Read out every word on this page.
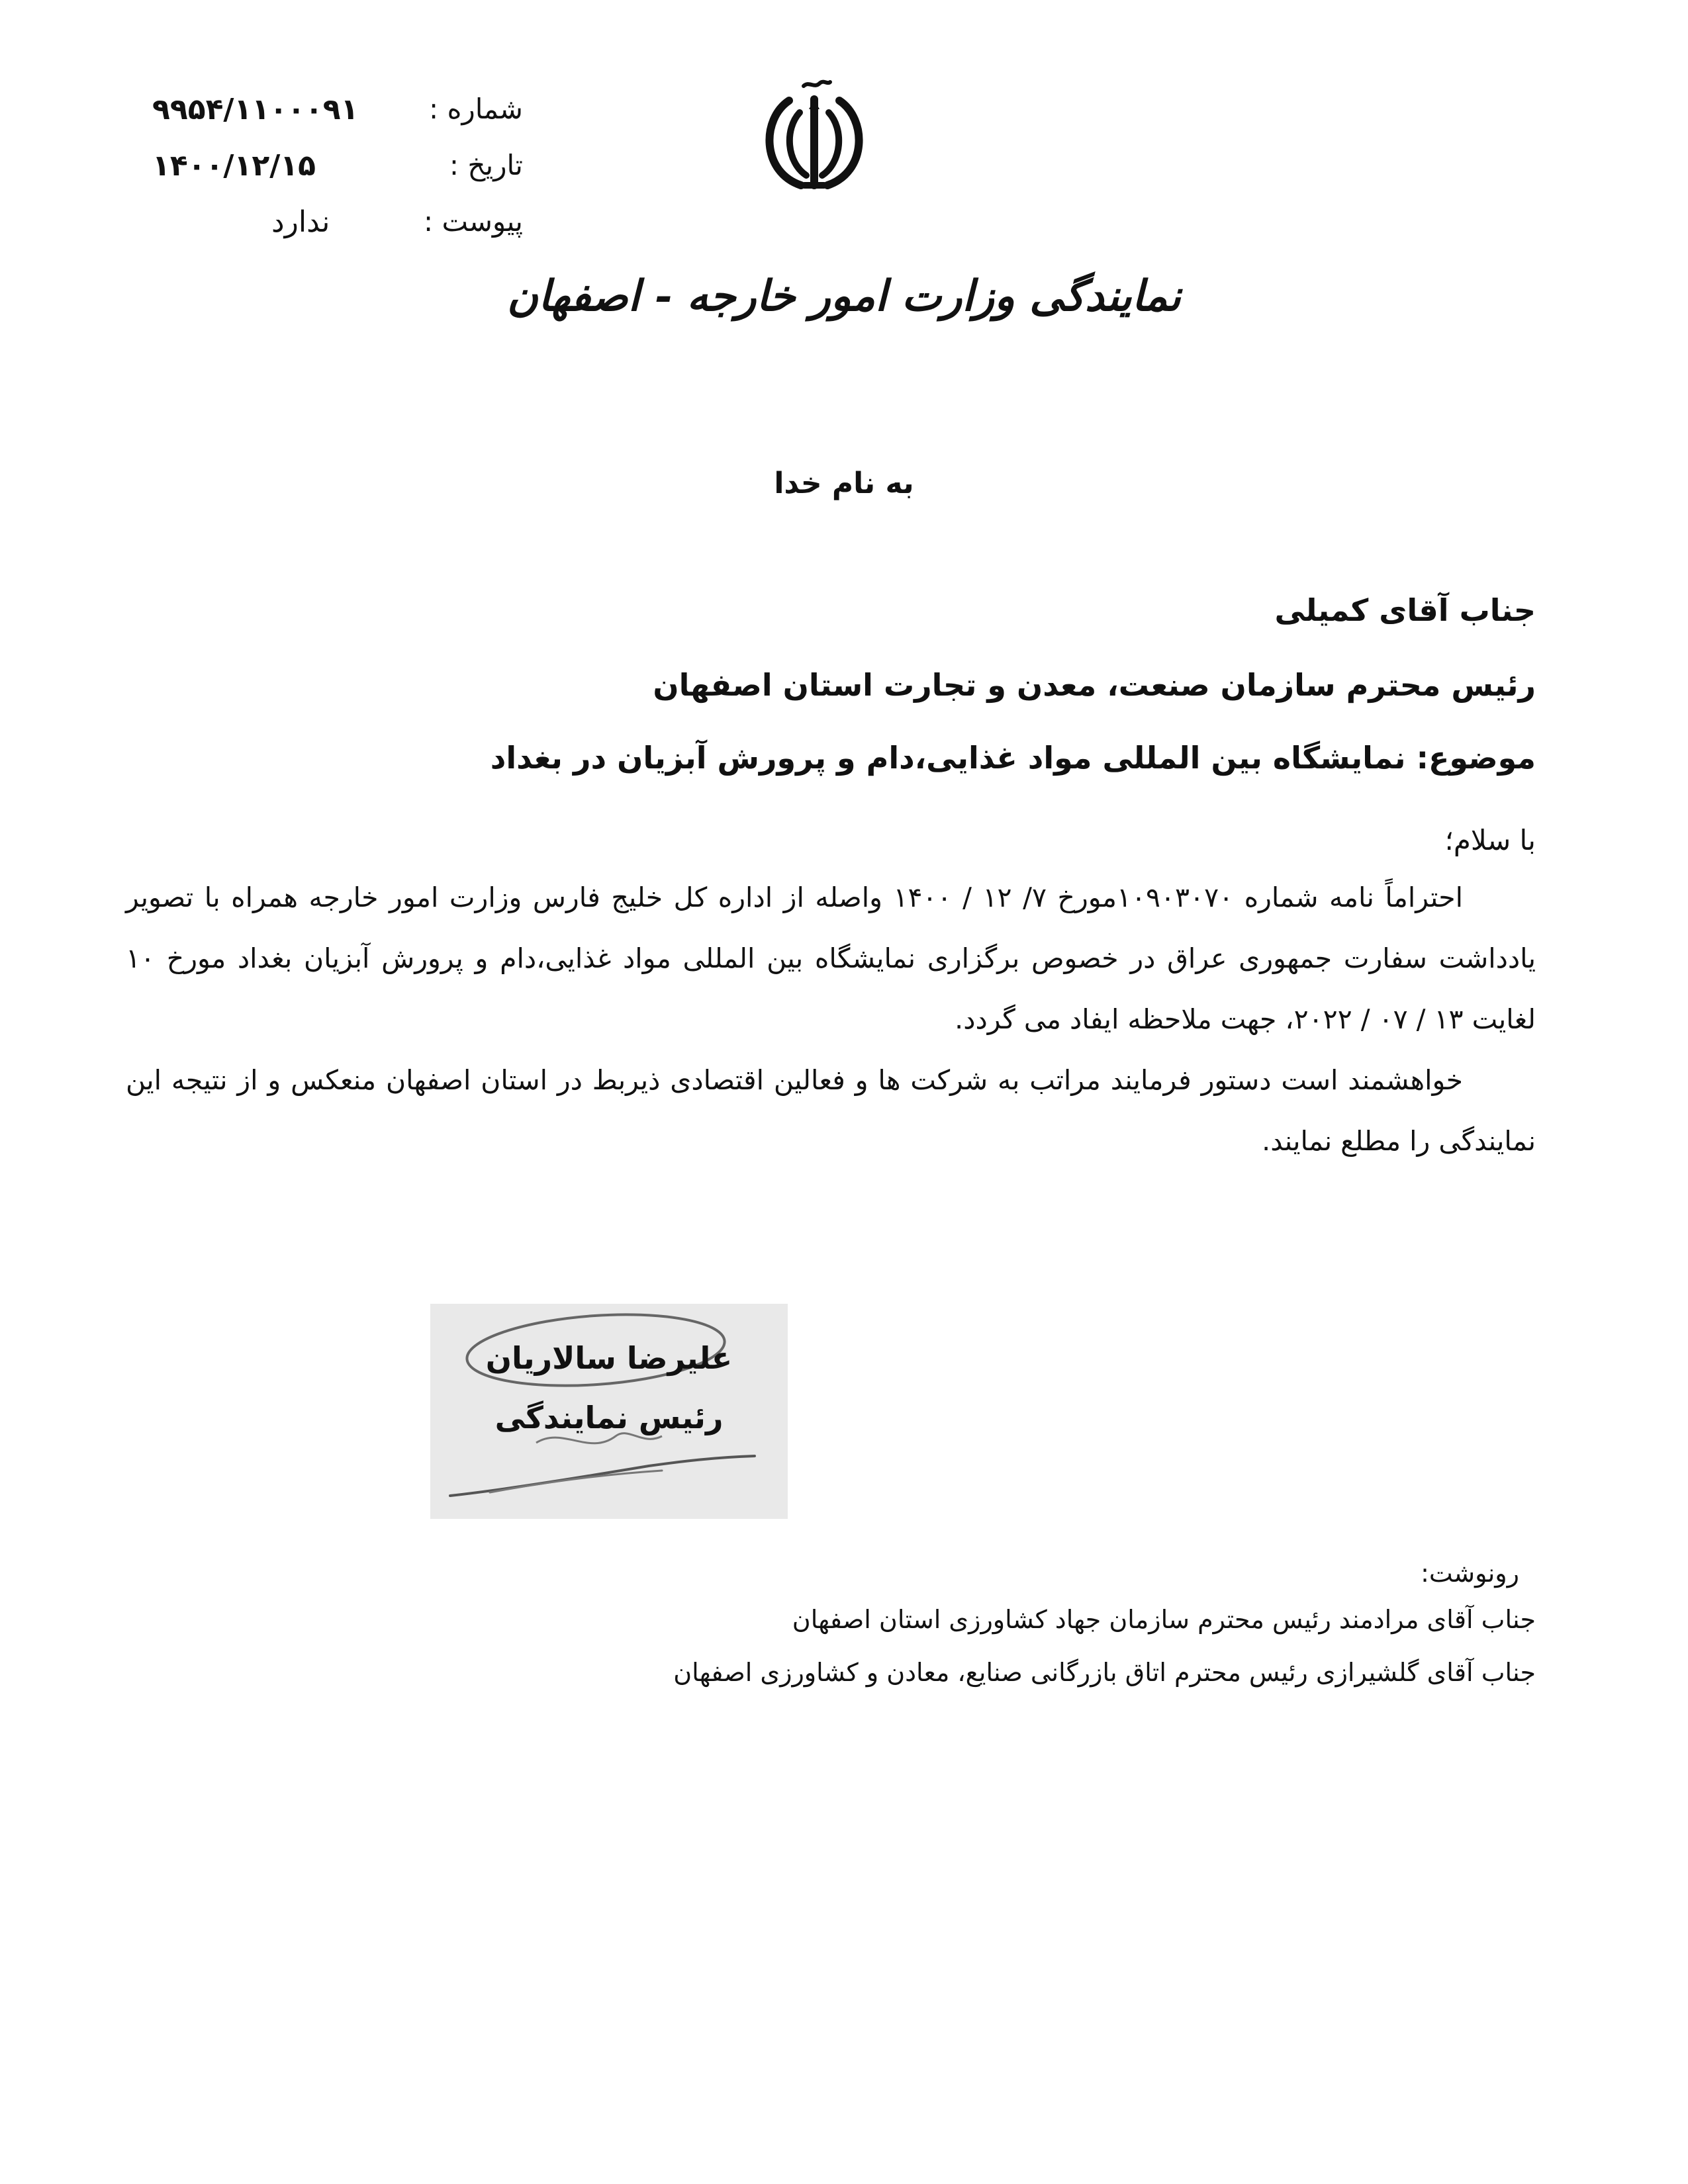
شماره :
۹۹۵۴/۱۱۰۰۰۹۱
تاریخ :
۱۴۰۰/۱۲/۱۵
پیوست :
ندارد
نمایندگی وزارت امور خارجه - اصفهان
به نام خدا
جناب آقای کمیلی
رئیس محترم سازمان صنعت، معدن و تجارت استان اصفهان
موضوع: نمایشگاه بین المللی مواد غذایی،دام و پرورش آبزیان در بغداد
با سلام؛

احتراماً نامه شماره ۱۰۹۰۳۰۷۰مورخ ۷/ ۱۲ / ۱۴۰۰ واصله از اداره کل خلیج فارس وزارت امور خارجه همراه با تصویر یادداشت سفارت جمهوری عراق در خصوص برگزاری نمایشگاه بین المللی مواد غذایی،دام و پرورش آبزیان بغداد مورخ ۱۰ لغایت ۱۳ / ۰۷ / ۲۰۲۲، جهت ملاحظه ایفاد می گردد.

خواهشمند است دستور فرمایند مراتب به شرکت ها و فعالین اقتصادی ذیربط در استان اصفهان منعکس و از نتیجه این نمایندگی را مطلع نمایند.

علیرضا سالاریان
رئیس نمایندگی
رونوشت:
جناب آقای مرادمند رئیس محترم سازمان جهاد کشاورزی استان اصفهان
جناب آقای گلشیرازی رئیس محترم اتاق بازرگانی صنایع، معادن و کشاورزی اصفهان
